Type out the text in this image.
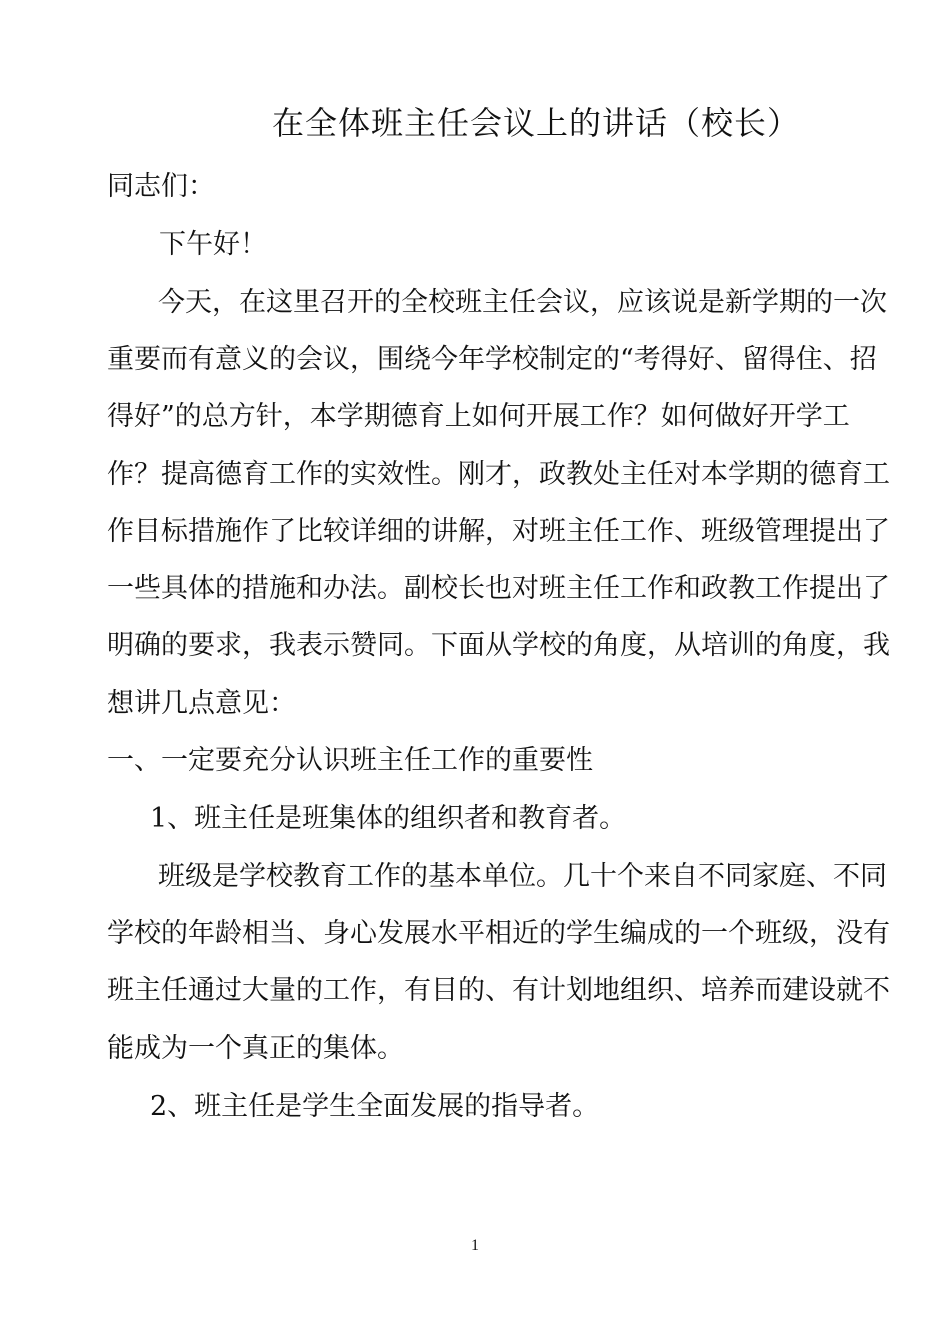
在全体班主任会议上的讲话（校长）
同志们：
下午好！
今天，在这里召开的全校班主任会议，应该说是新学期的一次
重要而有意义的会议，围绕今年学校制定的“考得好、留得住、招
得好”的总方针，本学期德育上如何开展工作？如何做好开学工
作？提高德育工作的实效性。刚才，政教处主任对本学期的德育工
作目标措施作了比较详细的讲解，对班主任工作、班级管理提出了
一些具体的措施和办法。副校长也对班主任工作和政教工作提出了
明确的要求，我表示赞同。下面从学校的角度，从培训的角度，我
想讲几点意见：
一、一定要充分认识班主任工作的重要性
1、班主任是班集体的组织者和教育者。
班级是学校教育工作的基本单位。几十个来自不同家庭、不同
学校的年龄相当、身心发展水平相近的学生编成的一个班级，没有
班主任通过大量的工作，有目的、有计划地组织、培养而建设就不
能成为一个真正的集体。
2、班主任是学生全面发展的指导者。
1
